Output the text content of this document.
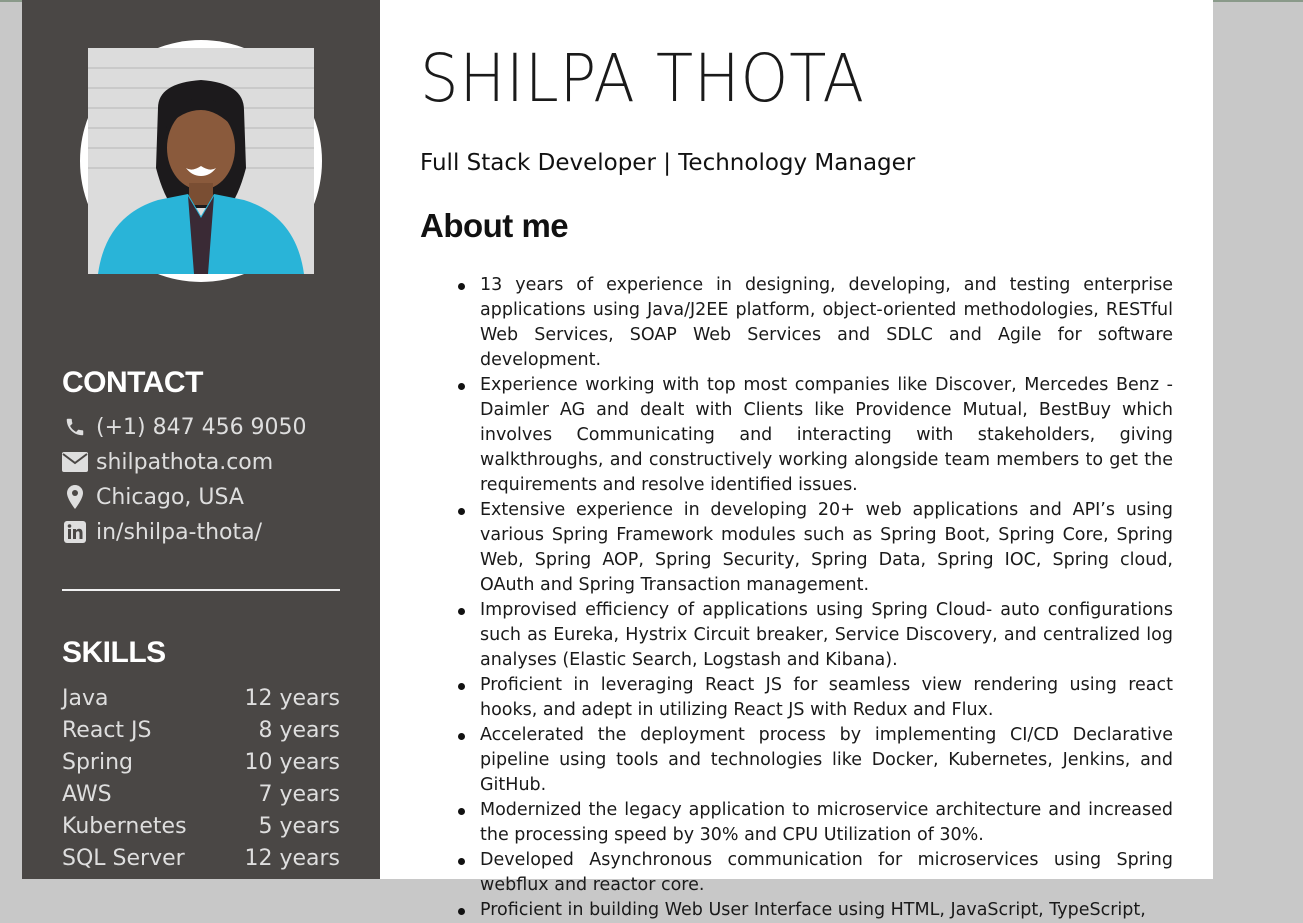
CONTACT
(+1) 847 456 9050
shilpathota.com
Chicago, USA
in/shilpa-thota/
SKILLS
Java	12 years
React JS	8 years
Spring	10 years
AWS	7 years
Kubernetes	5 years
SQL Server	12 years
SHILPA THOTA
Full Stack Developer | Technology Manager
About me
13 years of experience in designing, developing, and testing enterprise applications using Java/J2EE platform, object-oriented methodologies, RESTful Web Services, SOAP Web Services and SDLC and Agile for software development.
Experience working with top most companies like Discover, Mercedes Benz - Daimler AG and dealt with Clients like Providence Mutual, BestBuy which involves Communicating and interacting with stakeholders, giving walkthroughs, and constructively working alongside team members to get the requirements and resolve identified issues.
Extensive experience in developing 20+ web applications and API’s using various Spring Framework modules such as Spring Boot, Spring Core, Spring Web, Spring AOP, Spring Security, Spring Data, Spring IOC, Spring cloud, OAuth and Spring Transaction management.
Improvised efficiency of applications using Spring Cloud- auto configurations such as Eureka, Hystrix Circuit breaker, Service Discovery, and centralized log analyses (Elastic Search, Logstash and Kibana).
Proficient in leveraging React JS for seamless view rendering using react hooks, and adept in utilizing React JS with Redux and Flux.
Accelerated the deployment process by implementing CI/CD Declarative pipeline using tools and technologies like Docker, Kubernetes, Jenkins, and GitHub.
Modernized the legacy application to microservice architecture and increased the processing speed by 30% and CPU Utilization of 30%.
Developed Asynchronous communication for microservices using Spring webflux and reactor core.
Proficient in building Web User Interface using HTML, JavaScript, TypeScript,
